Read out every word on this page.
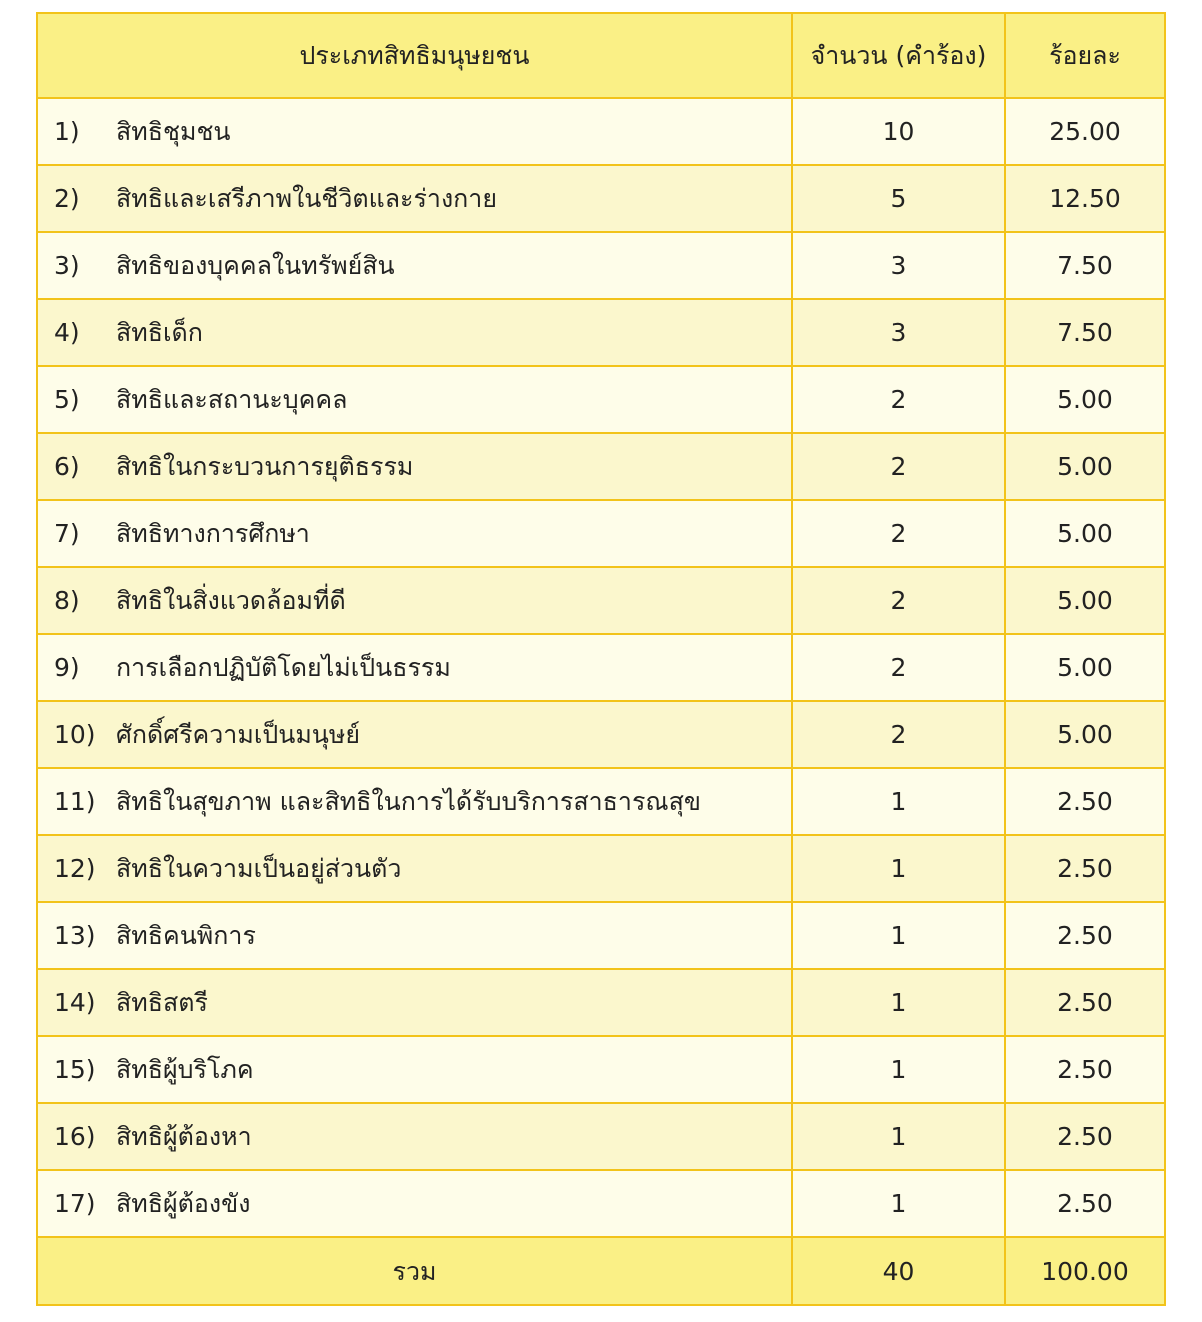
ประเภทสิทธิมนุษยชน	จำนวน (คำร้อง)	ร้อยละ
1) สิทธิชุมชน	10	25.00
2) สิทธิและเสรีภาพในชีวิตและร่างกาย	5	12.50
3) สิทธิของบุคคลในทรัพย์สิน	3	7.50
4) สิทธิเด็ก	3	7.50
5) สิทธิและสถานะบุคคล	2	5.00
6) สิทธิในกระบวนการยุติธรรม	2	5.00
7) สิทธิทางการศึกษา	2	5.00
8) สิทธิในสิ่งแวดล้อมที่ดี	2	5.00
9) การเลือกปฏิบัติโดยไม่เป็นธรรม	2	5.00
10) ศักดิ์ศรีความเป็นมนุษย์	2	5.00
11) สิทธิในสุขภาพ และสิทธิในการได้รับบริการสาธารณสุข	1	2.50
12) สิทธิในความเป็นอยู่ส่วนตัว	1	2.50
13) สิทธิคนพิการ	1	2.50
14) สิทธิสตรี	1	2.50
15) สิทธิผู้บริโภค	1	2.50
16) สิทธิผู้ต้องหา	1	2.50
17) สิทธิผู้ต้องขัง	1	2.50
รวม	40	100.00
